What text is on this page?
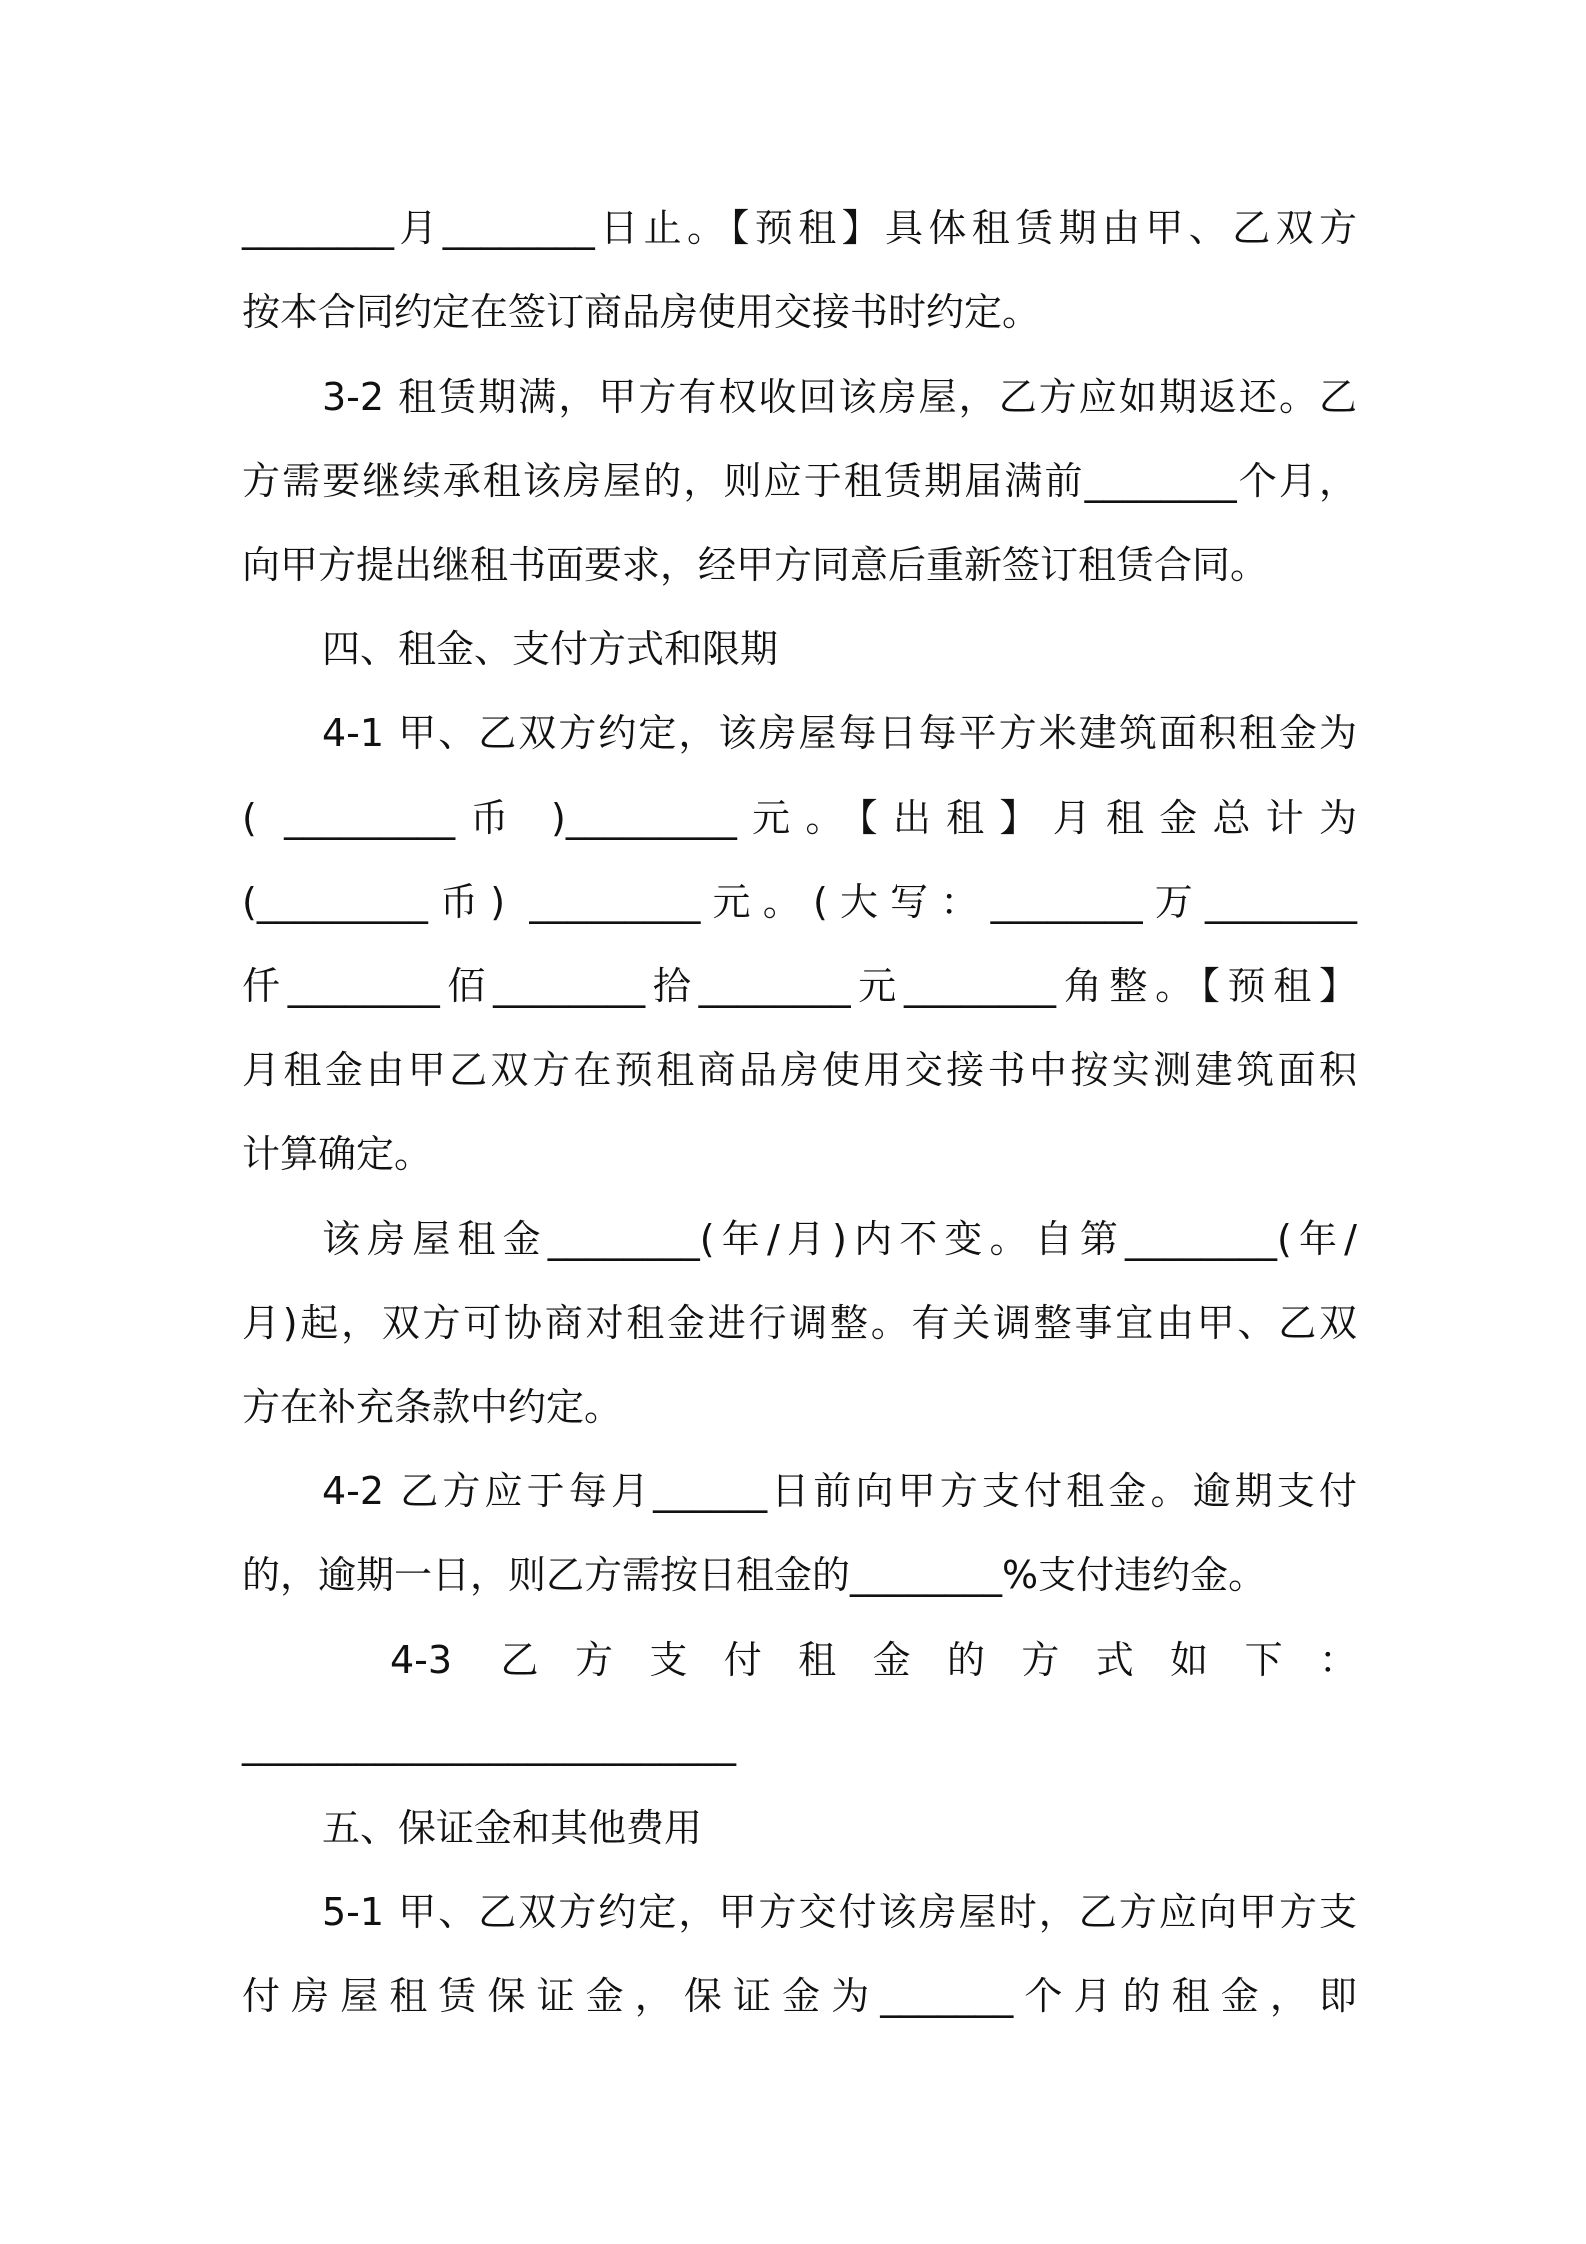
________月________日止。【预租】具体租赁期由甲、乙双方
按本合同约定在签订商品房使用交接书时约定。
3-2 租赁期满，甲方有权收回该房屋，乙方应如期返还。乙
方需要继续承租该房屋的，则应于租赁期届满前________个月，
向甲方提出继租书面要求，经甲方同意后重新签订租赁合同。
四、租金、支付方式和限期
4-1 甲、乙双方约定，该房屋每日每平方米建筑面积租金为
( _________币 )_________元。【出租】月租金总计为
(_________币) _________元。(大写：________万________
仟________佰________拾________元________角整。【预租】
月租金由甲乙双方在预租商品房使用交接书中按实测建筑面积
计算确定。
该房屋租金________(年/月)内不变。自第________(年/
月)起，双方可协商对租金进行调整。有关调整事宜由甲、乙双
方在补充条款中约定。
4-2 乙方应于每月______日前向甲方支付租金。逾期支付
的，逾期一日，则乙方需按日租金的________%支付违约金。
4-3 乙方支付租金的方式如下：
__________________________
五、保证金和其他费用
5-1 甲、乙双方约定，甲方交付该房屋时，乙方应向甲方支
付房屋租赁保证金，保证金为_______个月的租金，即
